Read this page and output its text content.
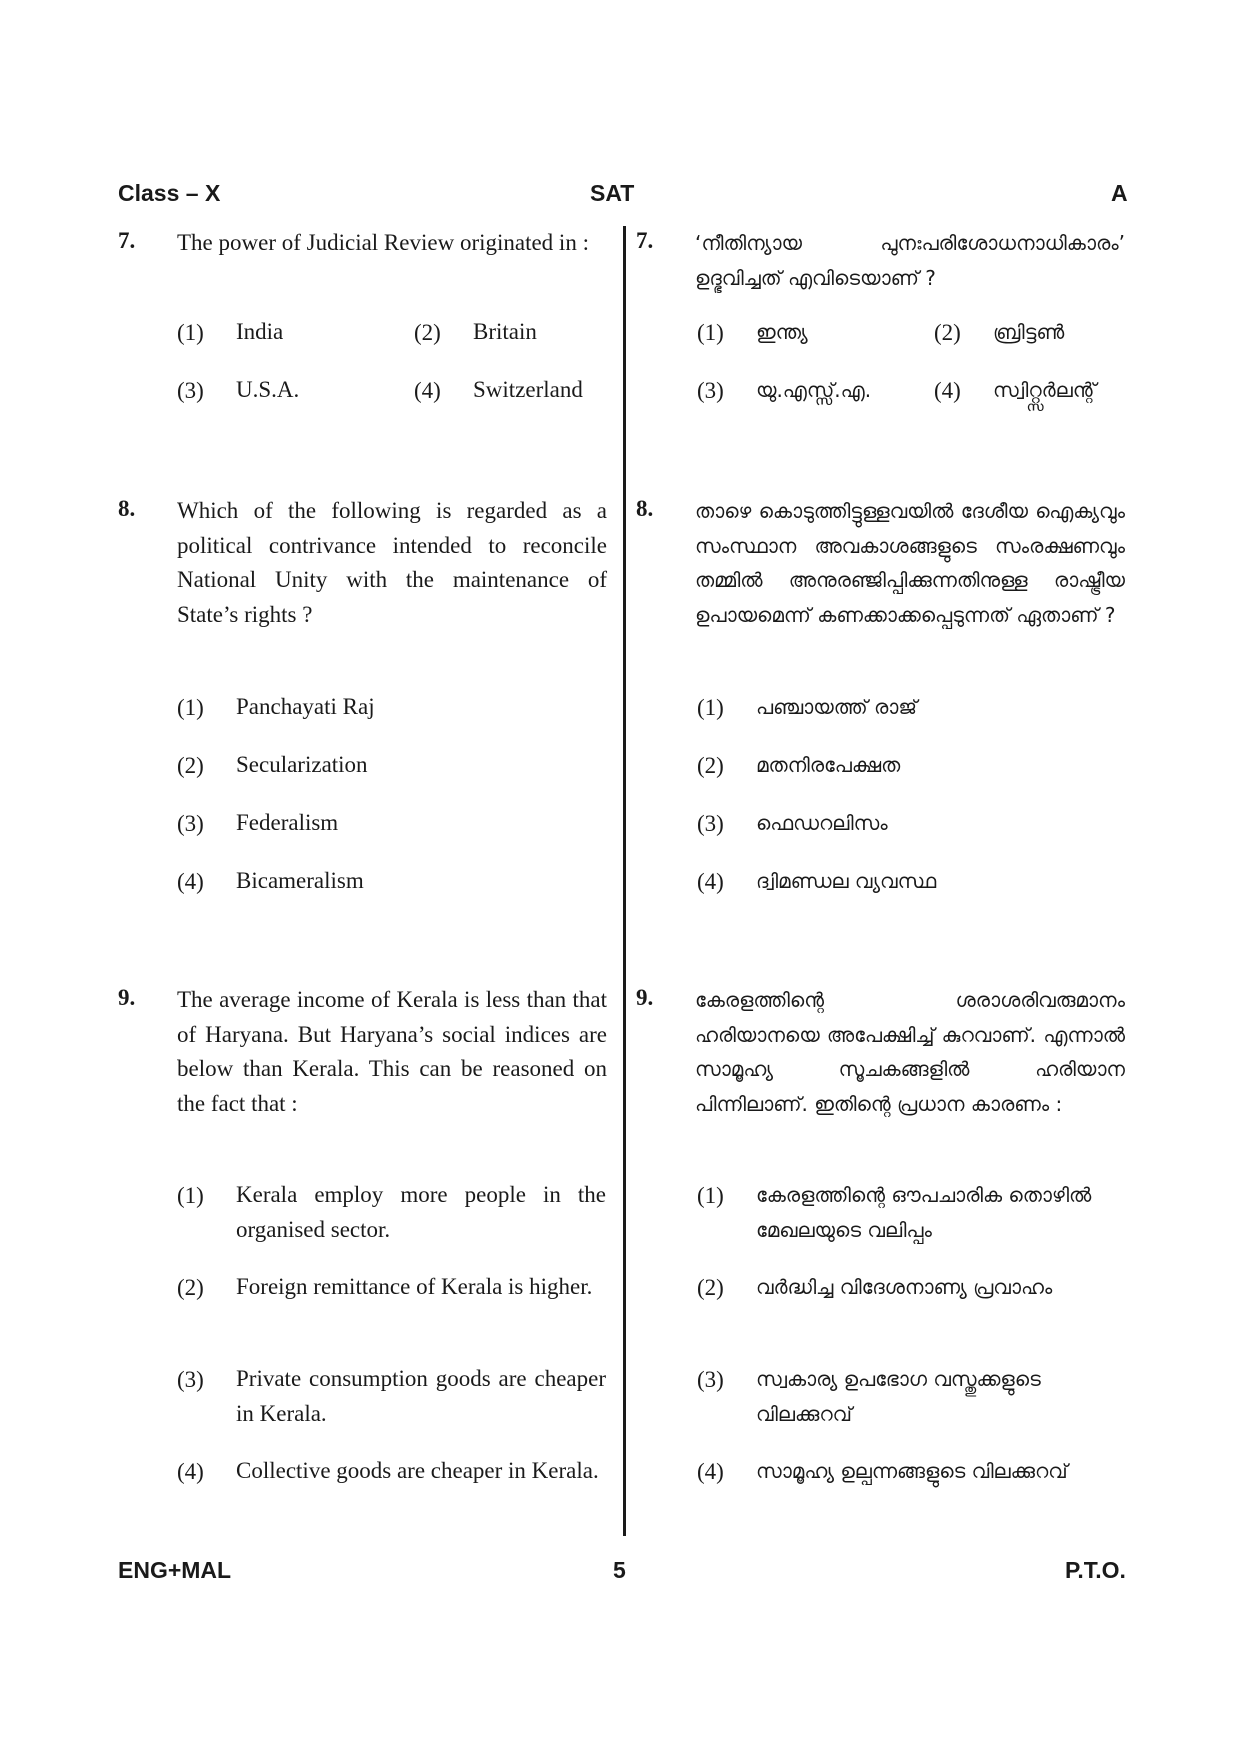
Class – X	SAT	A
7. The power of Judicial Review originated in :
(1) India	(2) Britain
(3) U.S.A.	(4) Switzerland
7. ‘നീതിന്യായ പുനഃപരിശോധനാധികാരം’ ഉദ്ഭവിച്ചത് എവിടെയാണ് ?
(1) ഇന്ത്യ	(2) ബ്രിട്ടൺ
(3) യു.എസ്സ്.എ.	(4) സ്വിറ്റ്സർലന്റ്
8. Which of the following is regarded as a political contrivance intended to reconcile National Unity with the maintenance of State’s rights ?
(1) Panchayati Raj
(2) Secularization
(3) Federalism
(4) Bicameralism
8. താഴെ കൊടുത്തിട്ടുള്ളവയിൽ ദേശീയ ഐക്യവും സംസ്ഥാന അവകാശങ്ങളുടെ സംരക്ഷണവും തമ്മിൽ അനുരഞ്ജിപ്പിക്കുന്നതിനുള്ള രാഷ്ട്രീയ ഉപായമെന്ന് കണക്കാക്കപ്പെടുന്നത് ഏതാണ് ?
(1) പഞ്ചായത്ത് രാജ്
(2) മതനിരപേക്ഷത
(3) ഫെഡറലിസം
(4) ദ്വിമണ്ഡല വ്യവസ്ഥ
9. The average income of Kerala is less than that of Haryana. But Haryana’s social indices are below than Kerala. This can be reasoned on the fact that :
(1) Kerala employ more people in the organised sector.
(2) Foreign remittance of Kerala is higher.
(3) Private consumption goods are cheaper in Kerala.
(4) Collective goods are cheaper in Kerala.
9. കേരളത്തിന്റെ ശരാശരിവരുമാനം ഹരിയാനയെ അപേക്ഷിച്ച് കുറവാണ്. എന്നാൽ സാമൂഹ്യ സൂചകങ്ങളിൽ ഹരിയാന പിന്നിലാണ്. ഇതിന്റെ പ്രധാന കാരണം :
(1) കേരളത്തിന്റെ ഔപചാരിക തൊഴിൽ മേഖലയുടെ വലിപ്പം
(2) വർദ്ധിച്ച വിദേശനാണ്യ പ്രവാഹം
(3) സ്വകാര്യ ഉപഭോഗ വസ്തുക്കളുടെ വിലക്കുറവ്
(4) സാമൂഹ്യ ഉല്പന്നങ്ങളുടെ വിലക്കുറവ്
ENG+MAL	5	P.T.O.
